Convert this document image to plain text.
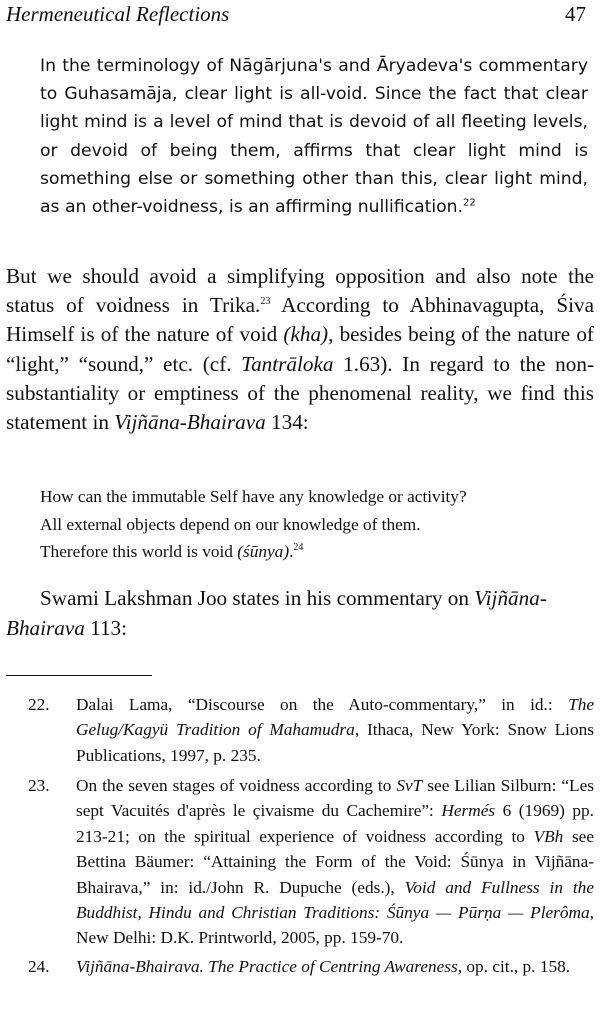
Hermeneutical Reflections	47
In the terminology of Nāgārjuna's and Āryadeva's commentary to Guhasamāja, clear light is all-void. Since the fact that clear light mind is a level of mind that is devoid of all fleeting levels, or devoid of being them, affirms that clear light mind is something else or something other than this, clear light mind, as an other-voidness, is an affirming nullification.$^{22}$
But we should avoid a simplifying opposition and also note the status of voidness in Trika.$^{23}$ According to Abhinavagupta, Śiva Himself is of the nature of void (kha), besides being of the nature of “light,” “sound,” etc. (cf. Tantrāloka 1.63). In regard to the non-substantiality or emptiness of the phenomenal reality, we find this statement in Vijñāna-Bhairava 134:
How can the immutable Self have any knowledge or activity?
All external objects depend on our knowledge of them.
Therefore this world is void (śūnya).$^{24}$
Swami Lakshman Joo states in his commentary on Vijñāna-Bhairava 113:
22. Dalai Lama, “Discourse on the Auto-commentary,” in id.: The Gelug/Kagyü Tradition of Mahamudra, Ithaca, New York: Snow Lions Publications, 1997, p. 235.
23. On the seven stages of voidness according to SvT see Lilian Silburn: “Les sept Vacuités d'après le çivaisme du Cachemire”: Hermés 6 (1969) pp. 213-21; on the spiritual experience of voidness according to VBh see Bettina Bäumer: “Attaining the Form of the Void: Śūnya in Vijñāna-Bhairava,” in: id./John R. Dupuche (eds.), Void and Fullness in the Buddhist, Hindu and Christian Traditions: Śūnya — Pūrṇa — Plerôma, New Delhi: D.K. Printworld, 2005, pp. 159-70.
24. Vijñāna-Bhairava. The Practice of Centring Awareness, op. cit., p. 158.
